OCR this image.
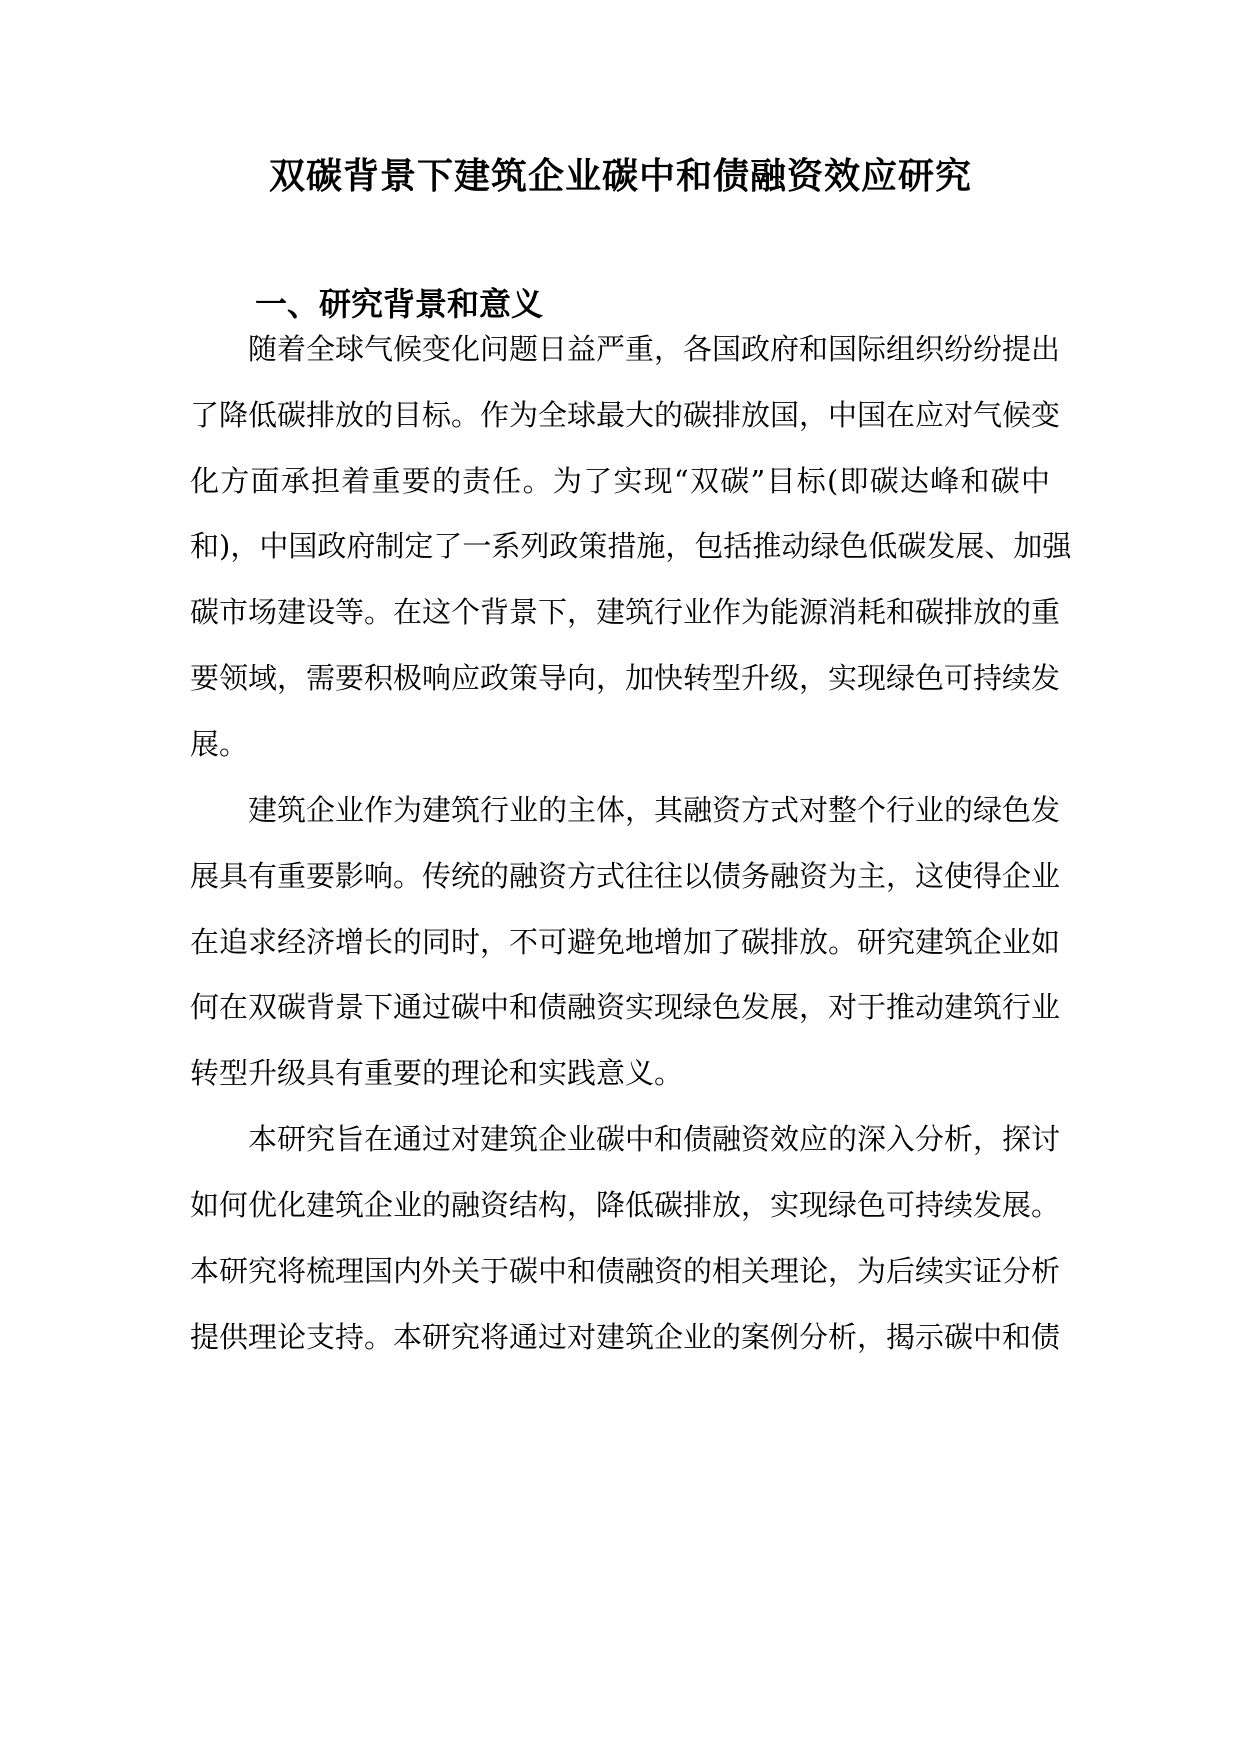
双碳背景下建筑企业碳中和债融资效应研究
一、研究背景和意义

随着全球气候变化问题日益严重，各国政府和国际组织纷纷提出

了降低碳排放的目标。作为全球最大的碳排放国，中国在应对气候变

化方面承担着重要的责任。为了实现“双碳”目标(即碳达峰和碳中

和)，中国政府制定了一系列政策措施，包括推动绿色低碳发展、加强

碳市场建设等。在这个背景下，建筑行业作为能源消耗和碳排放的重

要领域，需要积极响应政策导向，加快转型升级，实现绿色可持续发

展。

建筑企业作为建筑行业的主体，其融资方式对整个行业的绿色发

展具有重要影响。传统的融资方式往往以债务融资为主，这使得企业

在追求经济增长的同时，不可避免地增加了碳排放。研究建筑企业如

何在双碳背景下通过碳中和债融资实现绿色发展，对于推动建筑行业

转型升级具有重要的理论和实践意义。

本研究旨在通过对建筑企业碳中和债融资效应的深入分析，探讨

如何优化建筑企业的融资结构，降低碳排放，实现绿色可持续发展。

本研究将梳理国内外关于碳中和债融资的相关理论，为后续实证分析

提供理论支持。本研究将通过对建筑企业的案例分析，揭示碳中和债
